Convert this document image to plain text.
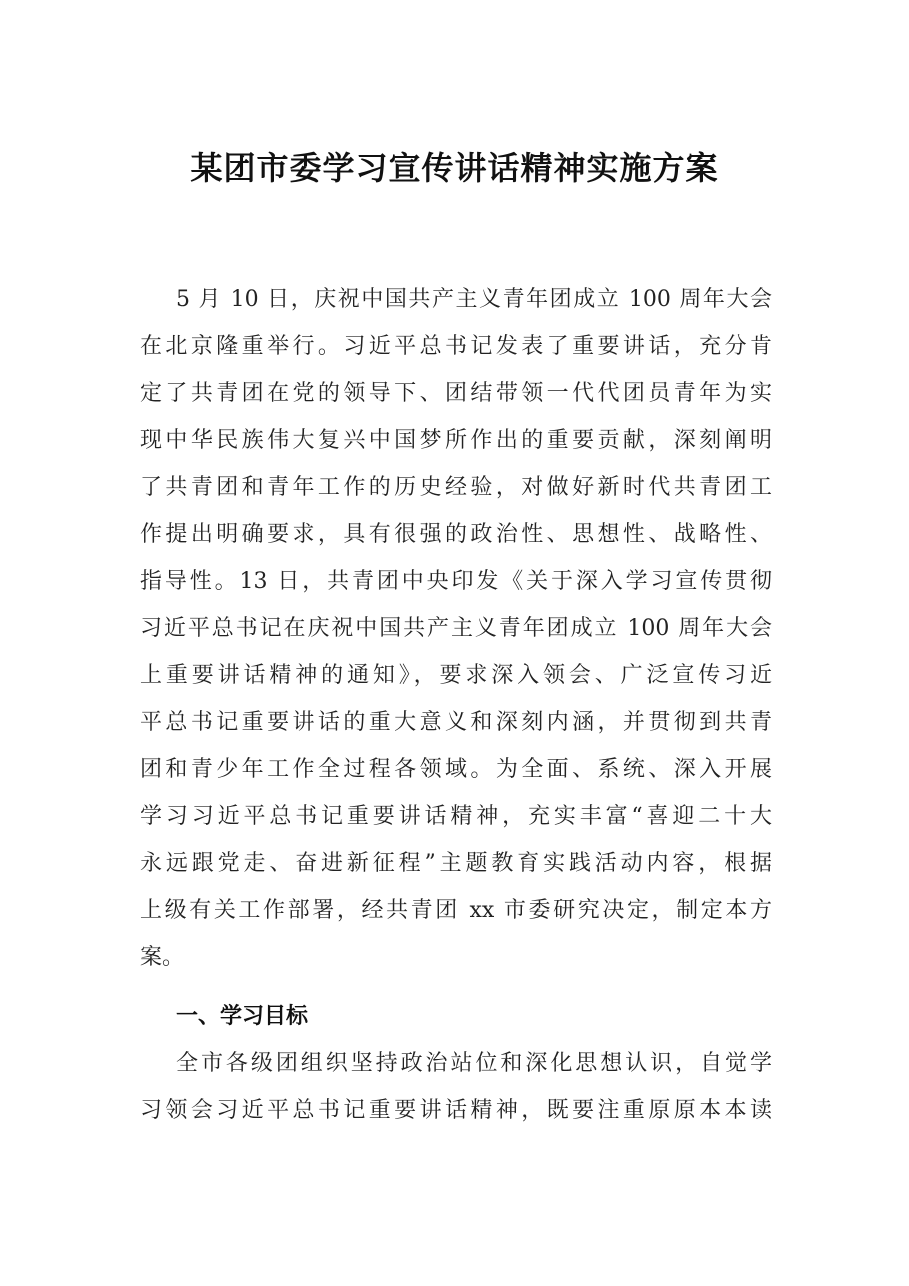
某团市委学习宣传讲话精神实施方案
5 月 10 日，庆祝中国共产主义青年团成立 100 周年大会
在北京隆重举行。习近平总书记发表了重要讲话，充分肯
定了共青团在党的领导下、团结带领一代代团员青年为实
现中华民族伟大复兴中国梦所作出的重要贡献，深刻阐明
了共青团和青年工作的历史经验，对做好新时代共青团工
作提出明确要求，具有很强的政治性、思想性、战略性、
指导性。13 日，共青团中央印发《关于深入学习宣传贯彻
习近平总书记在庆祝中国共产主义青年团成立 100 周年大会
上重要讲话精神的通知》，要求深入领会、广泛宣传习近
平总书记重要讲话的重大意义和深刻内涵，并贯彻到共青
团和青少年工作全过程各领域。为全面、系统、深入开展
学习习近平总书记重要讲话精神，充实丰富“喜迎二十大
永远跟党走、奋进新征程”主题教育实践活动内容，根据
上级有关工作部署，经共青团 xx 市委研究决定，制定本方
案。
一、学习目标
全市各级团组织坚持政治站位和深化思想认识，自觉学
习领会习近平总书记重要讲话精神，既要注重原原本本读
